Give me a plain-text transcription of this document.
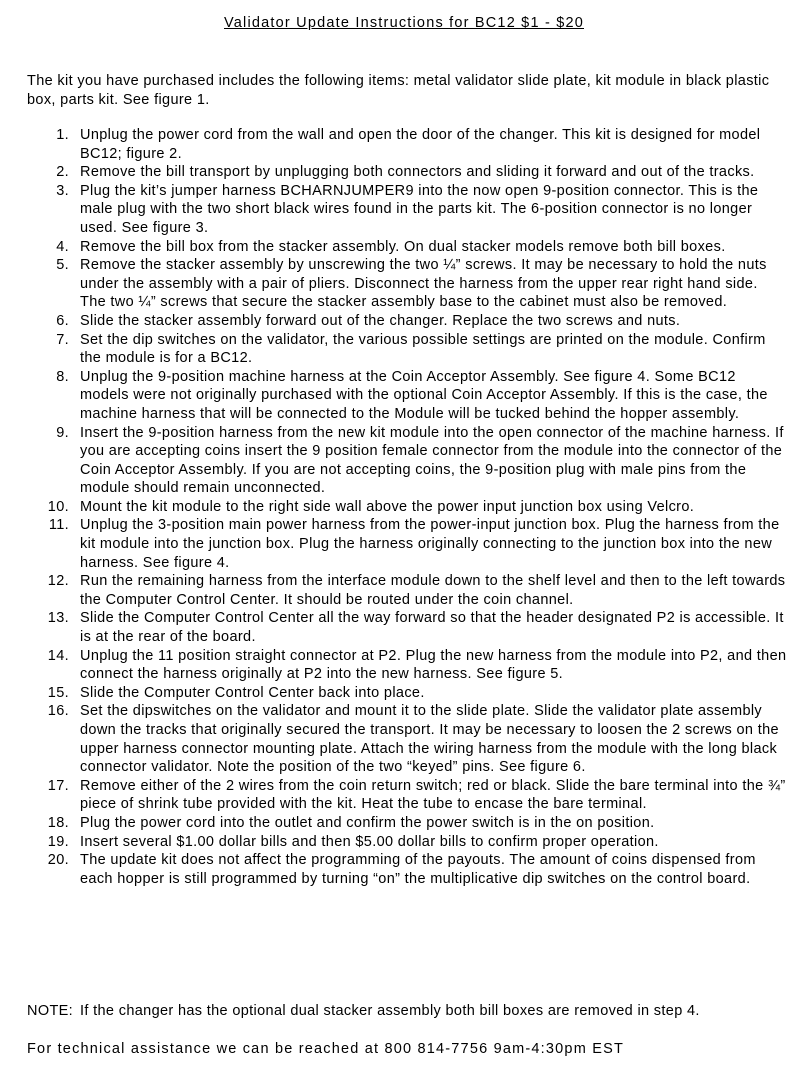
Validator Update Instructions for BC12 $1 - $20

The kit you have purchased includes the following items: metal validator slide plate, kit module in black plastic box, parts kit. See figure 1.

1. Unplug the power cord from the wall and open the door of the changer. This kit is designed for model BC12; figure 2.
2. Remove the bill transport by unplugging both connectors and sliding it forward and out of the tracks.
3. Plug the kit’s jumper harness BCHARNJUMPER9 into the now open 9-position connector. This is the male plug with the two short black wires found in the parts kit. The 6-position connector is no longer used. See figure 3.
4. Remove the bill box from the stacker assembly. On dual stacker models remove both bill boxes.
5. Remove the stacker assembly by unscrewing the two ¼” screws. It may be necessary to hold the nuts under the assembly with a pair of pliers. Disconnect the harness from the upper rear right hand side. The two ¼” screws that secure the stacker assembly base to the cabinet must also be removed.
6. Slide the stacker assembly forward out of the changer. Replace the two screws and nuts.
7. Set the dip switches on the validator, the various possible settings are printed on the module. Confirm the module is for a BC12.
8. Unplug the 9-position machine harness at the Coin Acceptor Assembly. See figure 4. Some BC12 models were not originally purchased with the optional Coin Acceptor Assembly. If this is the case, the machine harness that will be connected to the Module will be tucked behind the hopper assembly.
9. Insert the 9-position harness from the new kit module into the open connector of the machine harness. If you are accepting coins insert the 9 position female connector from the module into the connector of the Coin Acceptor Assembly. If you are not accepting coins, the 9-position plug with male pins from the module should remain unconnected.
10. Mount the kit module to the right side wall above the power input junction box using Velcro.
11. Unplug the 3-position main power harness from the power-input junction box. Plug the harness from the kit module into the junction box. Plug the harness originally connecting to the junction box into the new harness. See figure 4.
12. Run the remaining harness from the interface module down to the shelf level and then to the left towards the Computer Control Center. It should be routed under the coin channel.
13. Slide the Computer Control Center all the way forward so that the header designated P2 is accessible. It is at the rear of the board.
14. Unplug the 11 position straight connector at P2. Plug the new harness from the module into P2, and then connect the harness originally at P2 into the new harness. See figure 5.
15. Slide the Computer Control Center back into place.
16. Set the dipswitches on the validator and mount it to the slide plate. Slide the validator plate assembly down the tracks that originally secured the transport. It may be necessary to loosen the 2 screws on the upper harness connector mounting plate. Attach the wiring harness from the module with the long black connector validator. Note the position of the two “keyed” pins. See figure 6.
17. Remove either of the 2 wires from the coin return switch; red or black. Slide the bare terminal into the ¾” piece of shrink tube provided with the kit. Heat the tube to encase the bare terminal.
18. Plug the power cord into the outlet and confirm the power switch is in the on position.
19. Insert several $1.00 dollar bills and then $5.00 dollar bills to confirm proper operation.
20. The update kit does not affect the programming of the payouts. The amount of coins dispensed from each hopper is still programmed by turning “on” the multiplicative dip switches on the control board.

NOTE: If the changer has the optional dual stacker assembly both bill boxes are removed in step 4.

For technical assistance we can be reached at 800 814-7756 9am-4:30pm EST
